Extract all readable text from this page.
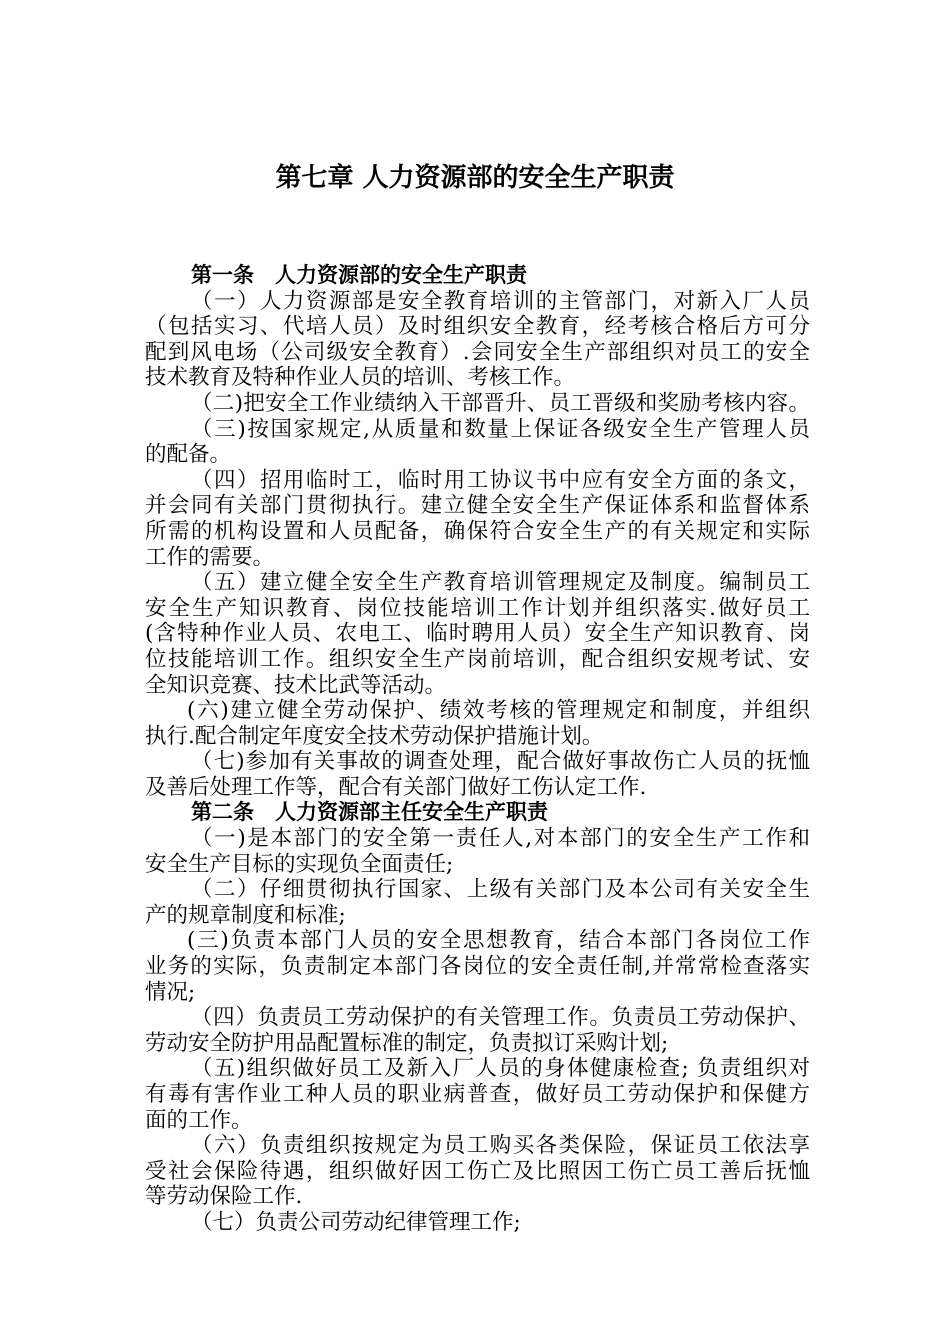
第七章 人力资源部的安全生产职责
第一条　人力资源部的安全生产职责
（一）人力资源部是安全教育培训的主管部门，对新入厂人员
（包括实习、代培人员）及时组织安全教育，经考核合格后方可分
配到风电场（公司级安全教育）.会同安全生产部组织对员工的安全
技术教育及特种作业人员的培训、考核工作。
（二)把安全工作业绩纳入干部晋升、员工晋级和奖励考核内容。
（三)按国家规定,从质量和数量上保证各级安全生产管理人员
的配备。
（四）招用临时工，临时用工协议书中应有安全方面的条文，
并会同有关部门贯彻执行。建立健全安全生产保证体系和监督体系
所需的机构设置和人员配备，确保符合安全生产的有关规定和实际
工作的需要。
（五）建立健全安全生产教育培训管理规定及制度。编制员工
安全生产知识教育、岗位技能培训工作计划并组织落实.做好员工
(含特种作业人员、农电工、临时聘用人员）安全生产知识教育、岗
位技能培训工作。组织安全生产岗前培训，配合组织安规考试、安
全知识竞赛、技术比武等活动。
(六)建立健全劳动保护、绩效考核的管理规定和制度，并组织
执行.配合制定年度安全技术劳动保护措施计划。
（七)参加有关事故的调查处理，配合做好事故伤亡人员的抚恤
及善后处理工作等，配合有关部门做好工伤认定工作.
第二条　人力资源部主任安全生产职责
（一)是本部门的安全第一责任人,对本部门的安全生产工作和
安全生产目标的实现负全面责任;
（二）仔细贯彻执行国家、上级有关部门及本公司有关安全生
产的规章制度和标准;
(三)负责本部门人员的安全思想教育，结合本部门各岗位工作
业务的实际，负责制定本部门各岗位的安全责任制,并常常检查落实
情况;
（四）负责员工劳动保护的有关管理工作。负责员工劳动保护、
劳动安全防护用品配置标准的制定，负责拟订采购计划;
（五)组织做好员工及新入厂人员的身体健康检查; 负责组织对
有毒有害作业工种人员的职业病普查，做好员工劳动保护和保健方
面的工作。
（六）负责组织按规定为员工购买各类保险，保证员工依法享
受社会保险待遇，组织做好因工伤亡及比照因工伤亡员工善后抚恤
等劳动保险工作.
（七）负责公司劳动纪律管理工作;
